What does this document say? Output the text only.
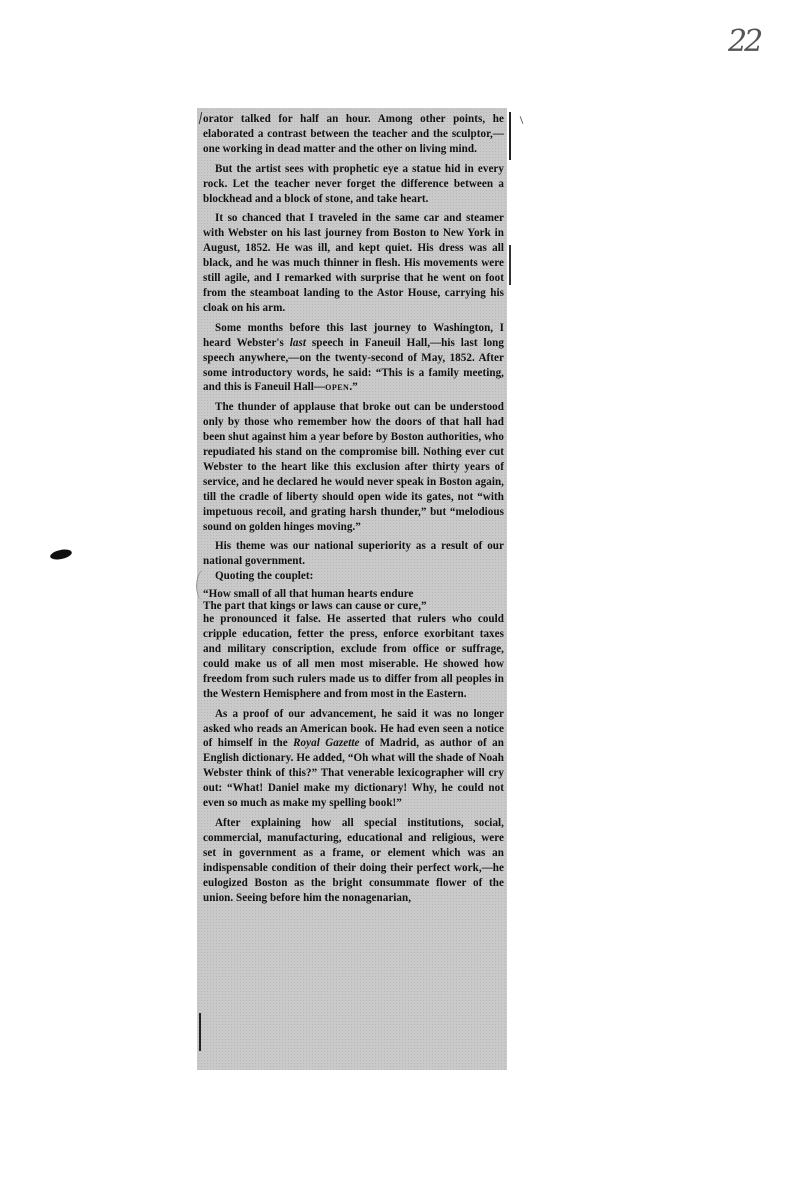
22

orator talked for half an hour. Among other points, he elaborated a contrast between the teacher and the sculptor,—one working in dead matter and the other on living mind.

But the artist sees with prophetic eye a statue hid in every rock. Let the teacher never forget the difference between a blockhead and a block of stone, and take heart.

It so chanced that I traveled in the same car and steamer with Webster on his last journey from Boston to New York in August, 1852. He was ill, and kept quiet. His dress was all black, and he was much thinner in flesh. His movements were still agile, and I remarked with surprise that he went on foot from the steamboat landing to the Astor House, carrying his cloak on his arm.

Some months before this last journey to Washington, I heard Webster's last speech in Faneuil Hall,—his last long speech anywhere,—on the twenty-second of May, 1852. After some introductory words, he said: “This is a family meeting, and this is Faneuil Hall—open.”

The thunder of applause that broke out can be understood only by those who remember how the doors of that hall had been shut against him a year before by Boston authorities, who repudiated his stand on the compromise bill. Nothing ever cut Webster to the heart like this exclusion after thirty years of service, and he declared he would never speak in Boston again, till the cradle of liberty should open wide its gates, not “with impetuous recoil, and grating harsh thunder,” but “melodious sound on golden hinges moving.”

His theme was our national superiority as a result of our national government.

Quoting the couplet:

“How small of all that human hearts endure
The part that kings or laws can cause or cure,”

he pronounced it false. He asserted that rulers who could cripple education, fetter the press, enforce exorbitant taxes and military conscription, exclude from office or suffrage, could make us of all men most miserable. He showed how freedom from such rulers made us to differ from all peoples in the Western Hemisphere and from most in the Eastern.

As a proof of our advancement, he said it was no longer asked who reads an American book. He had even seen a notice of himself in the Royal Gazette of Madrid, as author of an English dictionary. He added, “Oh what will the shade of Noah Webster think of this?” That venerable lexicographer will cry out: “What! Daniel make my dictionary! Why, he could not even so much as make my spelling book!”

After explaining how all special institutions, social, commercial, manufacturing, educational and religious, were set in government as a frame, or element which was an indispensable condition of their doing their perfect work,—he eulogized Boston as the bright consummate flower of the union. Seeing before him the nonagenarian,
